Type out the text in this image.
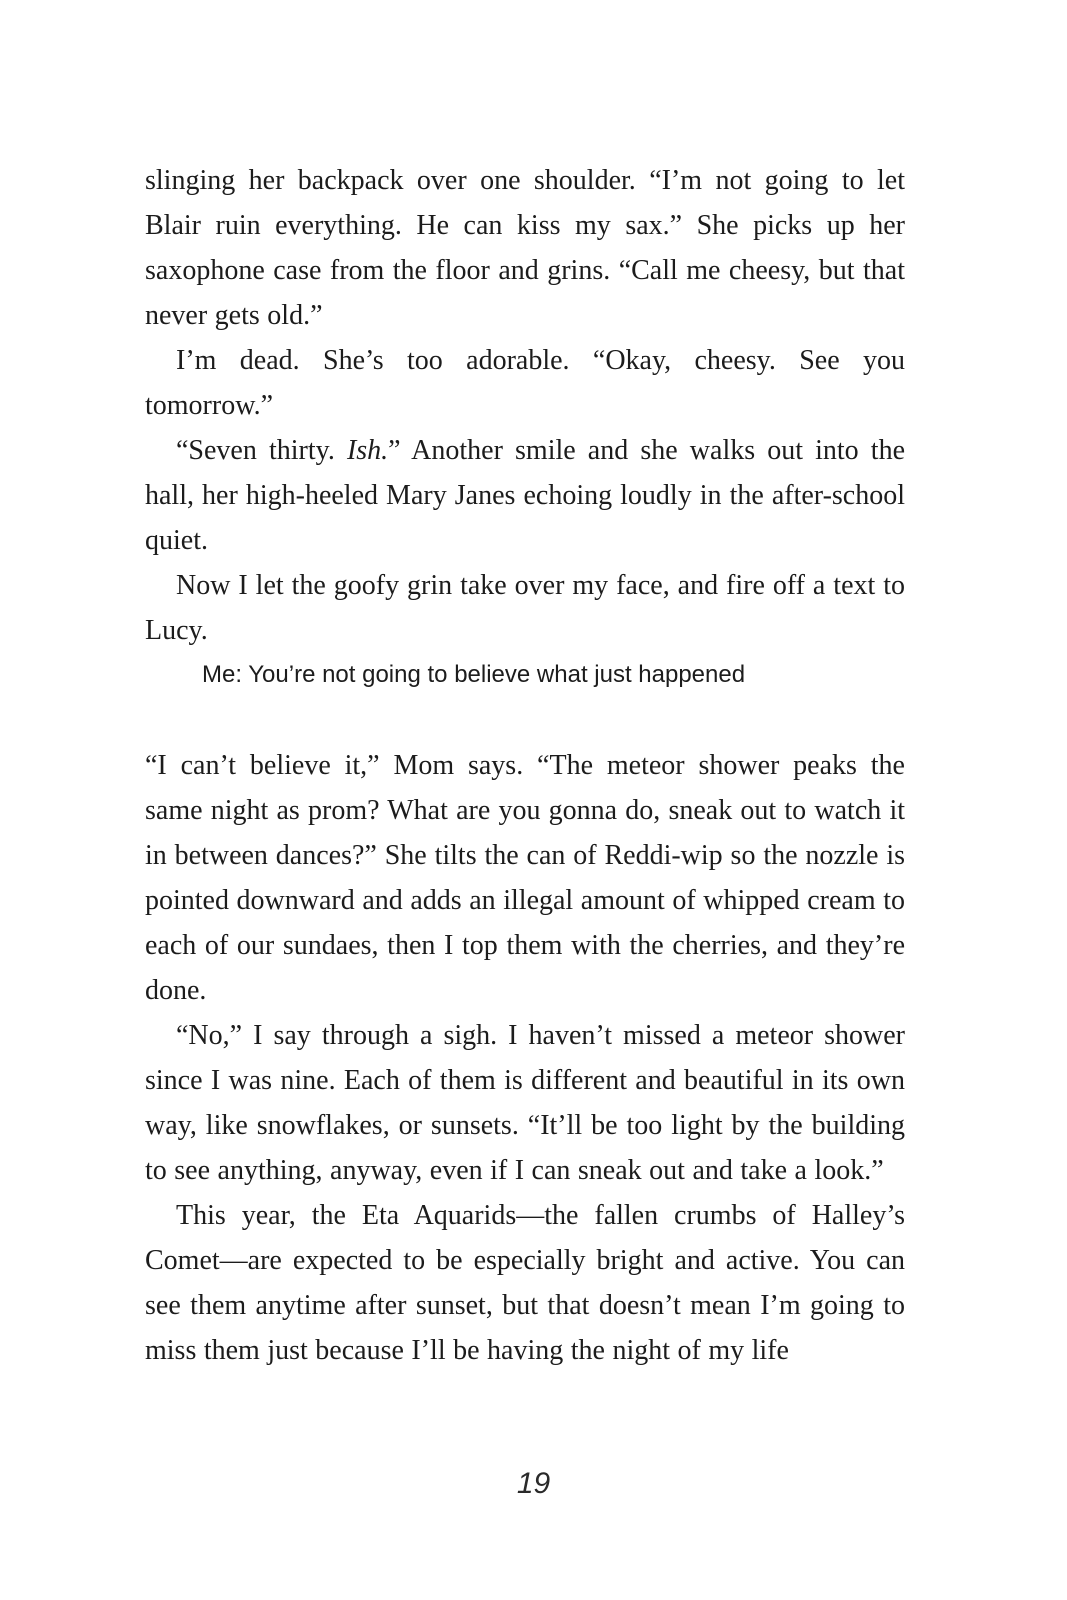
slinging her backpack over one shoulder. “I’m not going to let Blair ruin everything. He can kiss my sax.” She picks up her saxophone case from the floor and grins. “Call me cheesy, but that never gets old.”

I’m dead. She’s too adorable. “Okay, cheesy. See you tomorrow.”

“Seven thirty. Ish.” Another smile and she walks out into the hall, her high-heeled Mary Janes echoing loudly in the after-school quiet.

Now I let the goofy grin take over my face, and fire off a text to Lucy.

Me: You’re not going to believe what just happened

“I can’t believe it,” Mom says. “The meteor shower peaks the same night as prom? What are you gonna do, sneak out to watch it in between dances?” She tilts the can of Reddi-wip so the nozzle is pointed downward and adds an illegal amount of whipped cream to each of our sundaes, then I top them with the cherries, and they’re done.

“No,” I say through a sigh. I haven’t missed a meteor shower since I was nine. Each of them is different and beautiful in its own way, like snowflakes, or sunsets. “It’ll be too light by the building to see anything, anyway, even if I can sneak out and take a look.”

This year, the Eta Aquarids—the fallen crumbs of Halley’s Comet—are expected to be especially bright and active. You can see them anytime after sunset, but that doesn’t mean I’m going to miss them just because I’ll be having the night of my life

19
